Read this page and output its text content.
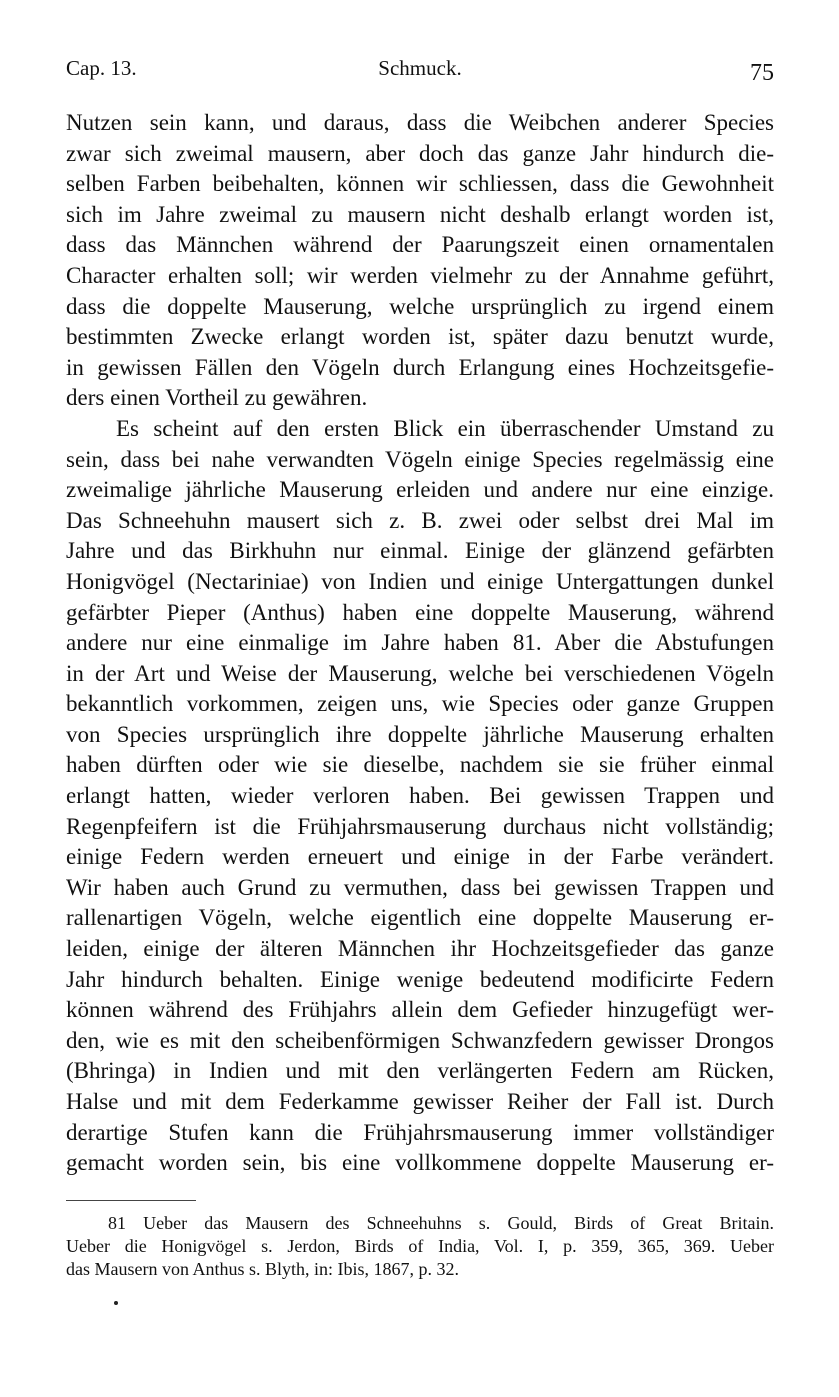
Cap. 13.	Schmuck.	75
Nutzen sein kann, und daraus, dass die Weibchen anderer Species
zwar sich zweimal mausern, aber doch das ganze Jahr hindurch die-
selben Farben beibehalten, können wir schliessen, dass die Gewohnheit
sich im Jahre zweimal zu mausern nicht deshalb erlangt worden ist,
dass das Männchen während der Paarungszeit einen ornamentalen
Character erhalten soll; wir werden vielmehr zu der Annahme geführt,
dass die doppelte Mauserung, welche ursprünglich zu irgend einem
bestimmten Zwecke erlangt worden ist, später dazu benutzt wurde,
in gewissen Fällen den Vögeln durch Erlangung eines Hochzeitsgefie-
ders einen Vortheil zu gewähren.
Es scheint auf den ersten Blick ein überraschender Umstand zu
sein, dass bei nahe verwandten Vögeln einige Species regelmässig eine
zweimalige jährliche Mauserung erleiden und andere nur eine einzige.
Das Schneehuhn mausert sich z. B. zwei oder selbst drei Mal im
Jahre und das Birkhuhn nur einmal. Einige der glänzend gefärbten
Honigvögel (Nectariniae) von Indien und einige Untergattungen dunkel
gefärbter Pieper (Anthus) haben eine doppelte Mauserung, während
andere nur eine einmalige im Jahre haben 81. Aber die Abstufungen
in der Art und Weise der Mauserung, welche bei verschiedenen Vögeln
bekanntlich vorkommen, zeigen uns, wie Species oder ganze Gruppen
von Species ursprünglich ihre doppelte jährliche Mauserung erhalten
haben dürften oder wie sie dieselbe, nachdem sie sie früher einmal
erlangt hatten, wieder verloren haben. Bei gewissen Trappen und
Regenpfeifern ist die Frühjahrsmauserung durchaus nicht vollständig;
einige Federn werden erneuert und einige in der Farbe verändert.
Wir haben auch Grund zu vermuthen, dass bei gewissen Trappen und
rallenartigen Vögeln, welche eigentlich eine doppelte Mauserung er-
leiden, einige der älteren Männchen ihr Hochzeitsgefieder das ganze
Jahr hindurch behalten. Einige wenige bedeutend modificirte Federn
können während des Frühjahrs allein dem Gefieder hinzugefügt wer-
den, wie es mit den scheibenförmigen Schwanzfedern gewisser Drongos
(Bhringa) in Indien und mit den verlängerten Federn am Rücken,
Halse und mit dem Federkamme gewisser Reiher der Fall ist. Durch
derartige Stufen kann die Frühjahrsmauserung immer vollständiger
gemacht worden sein, bis eine vollkommene doppelte Mauserung er-
81 Ueber das Mausern des Schneehuhns s. Gould, Birds of Great Britain.
Ueber die Honigvögel s. Jerdon, Birds of India, Vol. I, p. 359, 365, 369. Ueber
das Mausern von Anthus s. Blyth, in: Ibis, 1867, p. 32.
